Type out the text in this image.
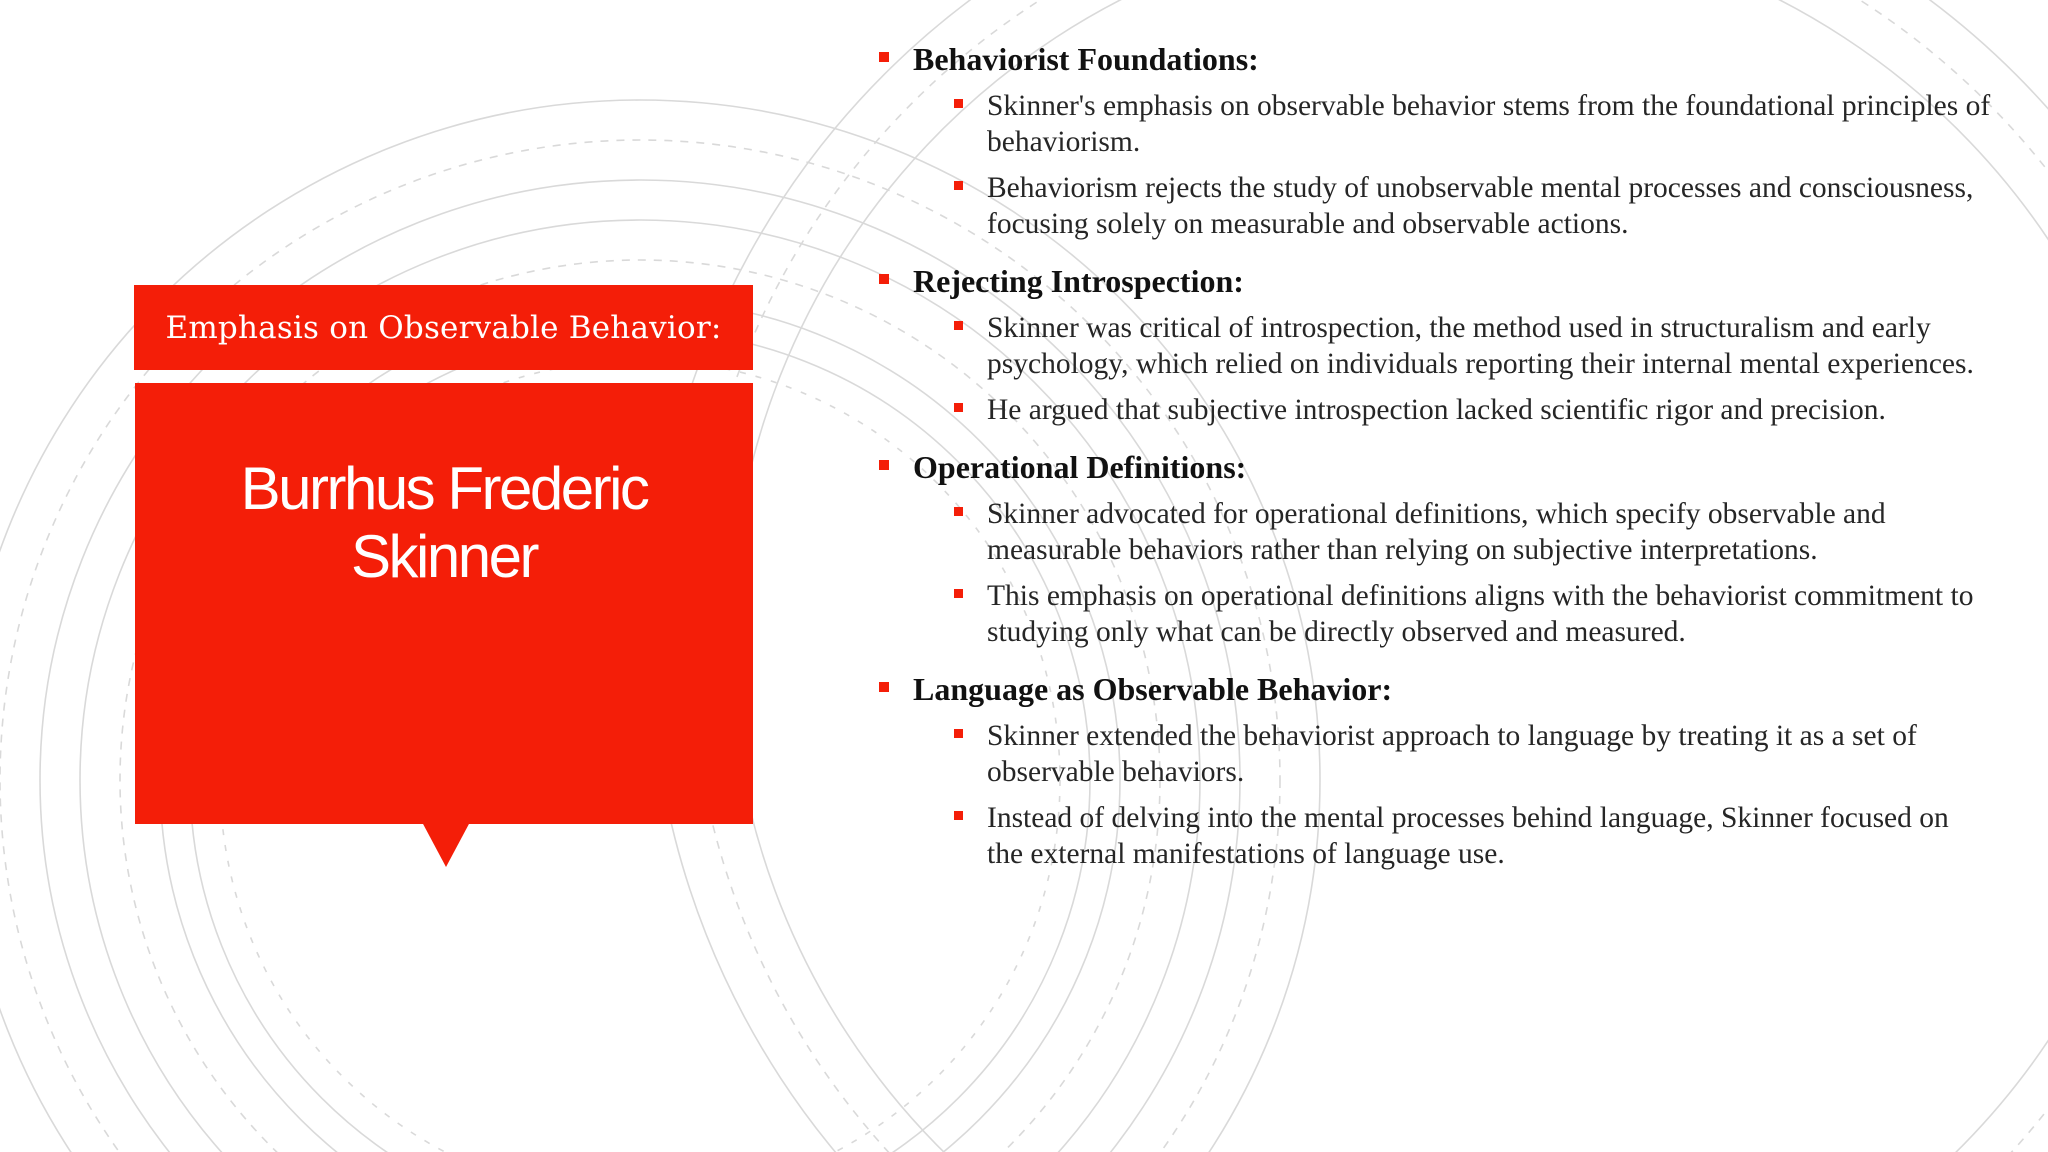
Emphasis on Observable Behavior:
Burrhus Frederic
Skinner
Behaviorist Foundations:
Skinner's emphasis on observable behavior stems from the foundational principles of behaviorism.
Behaviorism rejects the study of unobservable mental processes and consciousness, focusing solely on measurable and observable actions.
Rejecting Introspection:
Skinner was critical of introspection, the method used in structuralism and early psychology, which relied on individuals reporting their internal mental experiences.
He argued that subjective introspection lacked scientific rigor and precision.
Operational Definitions:
Skinner advocated for operational definitions, which specify observable and measurable behaviors rather than relying on subjective interpretations.
This emphasis on operational definitions aligns with the behaviorist commitment to studying only what can be directly observed and measured.
Language as Observable Behavior:
Skinner extended the behaviorist approach to language by treating it as a set of observable behaviors.
Instead of delving into the mental processes behind language, Skinner focused on the external manifestations of language use.
